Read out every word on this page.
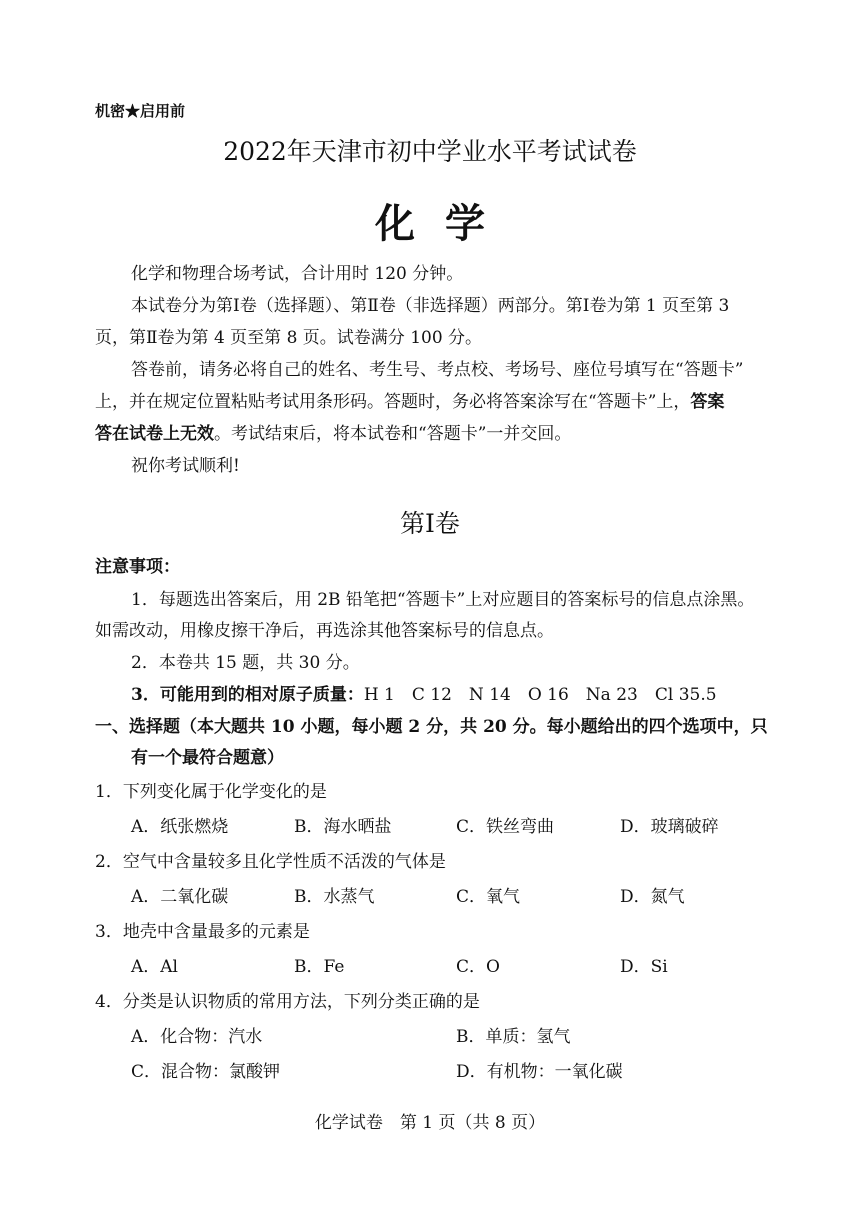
机密★启用前
2022年天津市初中学业水平考试试卷
化学
化学和物理合场考试，合计用时 120 分钟。
本试卷分为第Ⅰ卷（选择题）、第Ⅱ卷（非选择题）两部分。第Ⅰ卷为第 1 页至第 3
页，第Ⅱ卷为第 4 页至第 8 页。试卷满分 100 分。
答卷前，请务必将自己的姓名、考生号、考点校、考场号、座位号填写在“答题卡”
上，并在规定位置粘贴考试用条形码。答题时，务必将答案涂写在“答题卡”上，答案
答在试卷上无效。考试结束后，将本试卷和“答题卡”一并交回。
祝你考试顺利!
第Ⅰ卷
注意事项：
1．每题选出答案后，用 2B 铅笔把“答题卡”上对应题目的答案标号的信息点涂黑。
如需改动，用橡皮擦干净后，再选涂其他答案标号的信息点。
2．本卷共 15 题，共 30 分。
3．可能用到的相对原子质量：H 1　C 12　N 14　O 16　Na 23　Cl 35.5
一、选择题（本大题共 10 小题，每小题 2 分，共 20 分。每小题给出的四个选项中，只
有一个最符合题意）
1．下列变化属于化学变化的是
A．纸张燃烧	B．海水晒盐	C．铁丝弯曲	D．玻璃破碎
2．空气中含量较多且化学性质不活泼的气体是
A．二氧化碳	B．水蒸气	C．氧气	D．氮气
3．地壳中含量最多的元素是
A．Al	B．Fe	C．O	D．Si
4．分类是认识物质的常用方法，下列分类正确的是
A．化合物：汽水	B．单质：氢气
C．混合物：氯酸钾	D．有机物：一氧化碳
化学试卷　第 1 页（共 8 页）
